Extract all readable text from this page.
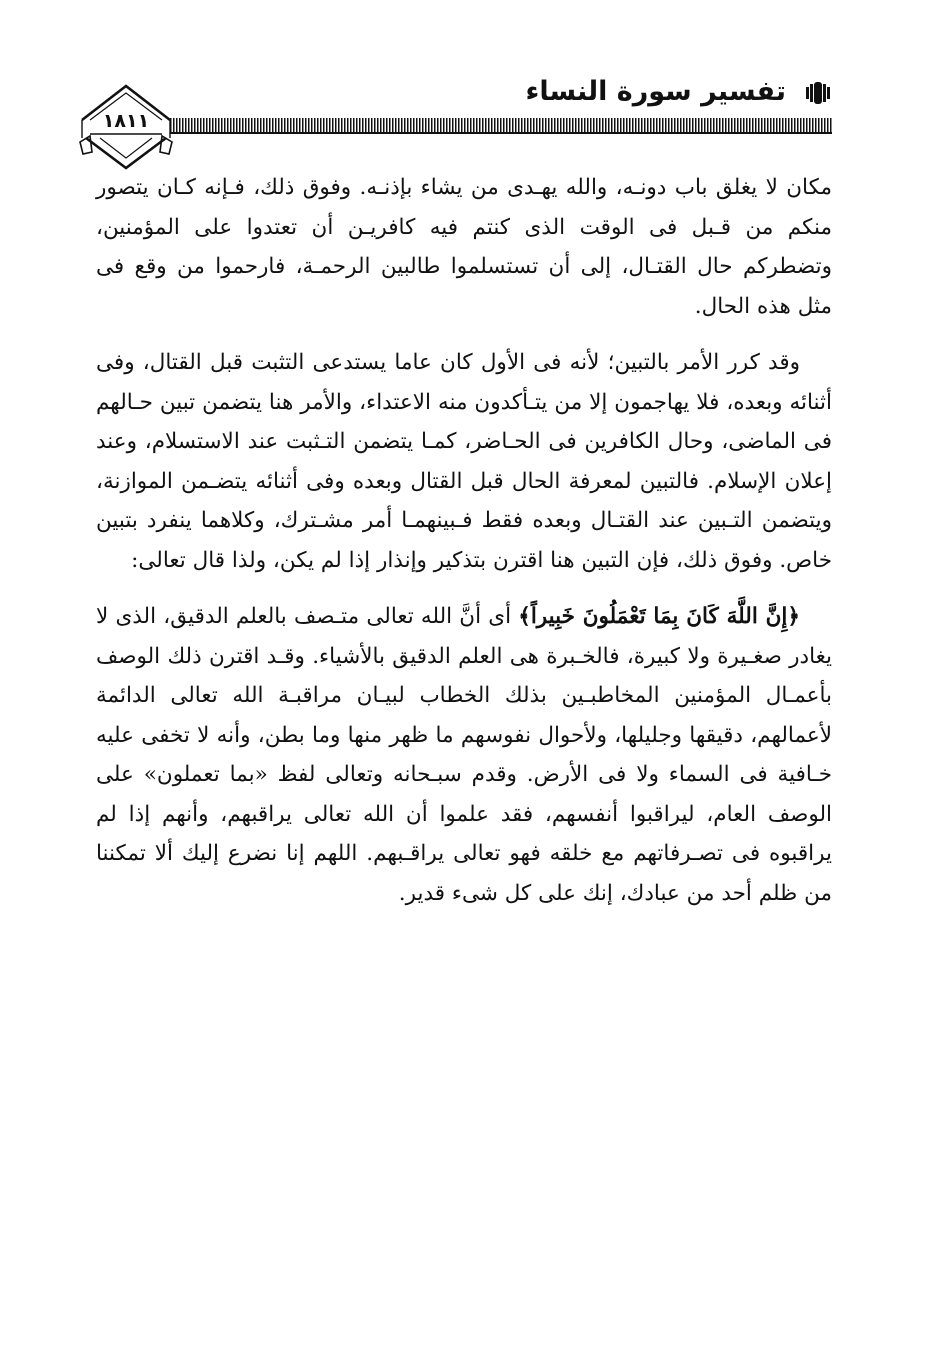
تفسير سورة النساء
١٨١١

مكان لا يغلق باب دونـه، والله يهـدى من يشاء بإذنـه. وفوق ذلك، فـإنه كـان يتصور منكم من قـبل فى الوقت الذى كنتم فيه كافريـن أن تعتدوا على المؤمنين، وتضطركم حال القتـال، إلى أن تستسلموا طالبين الرحمـة، فارحموا من وقع فى مثل هذه الحال.

وقد كرر الأمر بالتبين؛ لأنه فى الأول كان عاما يستدعى التثبت قبل القتال، وفى أثنائه وبعده، فلا يهاجمون إلا من يتـأكدون منه الاعتداء، والأمر هنا يتضمن تبين حـالهم فى الماضى، وحال الكافرين فى الحـاضر، كمـا يتضمن التـثبت عند الاستسلام، وعند إعلان الإسلام. فالتبين لمعرفة الحال قبل القتال وبعده وفى أثنائه يتضـمن الموازنة، ويتضمن التـبين عند القتـال وبعده فقط فـبينهمـا أمر مشـترك، وكلاهما ينفرد بتبين خاص. وفوق ذلك، فإن التبين هنا اقترن بتذكير وإنذار إذا لم يكن، ولذا قال تعالى:

﴿إِنَّ اللَّهَ كَانَ بِمَا تَعْمَلُونَ خَبِيراً﴾ أى أنَّ الله تعالى متـصف بالعلم الدقيق، الذى لا يغادر صغـيرة ولا كبيرة، فالخـبرة هى العلم الدقيق بالأشياء. وقـد اقترن ذلك الوصف بأعمـال المؤمنين المخاطبـين بذلك الخطاب لبيـان مراقبـة الله تعالى الدائمة لأعمالهم، دقيقها وجليلها، ولأحوال نفوسهم ما ظهر منها وما بطن، وأنه لا تخفى عليه خـافية فى السماء ولا فى الأرض. وقدم سبـحانه وتعالى لفظ «بما تعملون» على الوصف العام، ليراقبوا أنفسهم، فقد علموا أن الله تعالى يراقبهم، وأنهم إذا لم يراقبوه فى تصـرفاتهم مع خلقه فهو تعالى يراقـبهم. اللهم إنا نضرع إليك ألا تمكننا من ظلم أحد من عبادك، إنك على كل شىء قدير.
